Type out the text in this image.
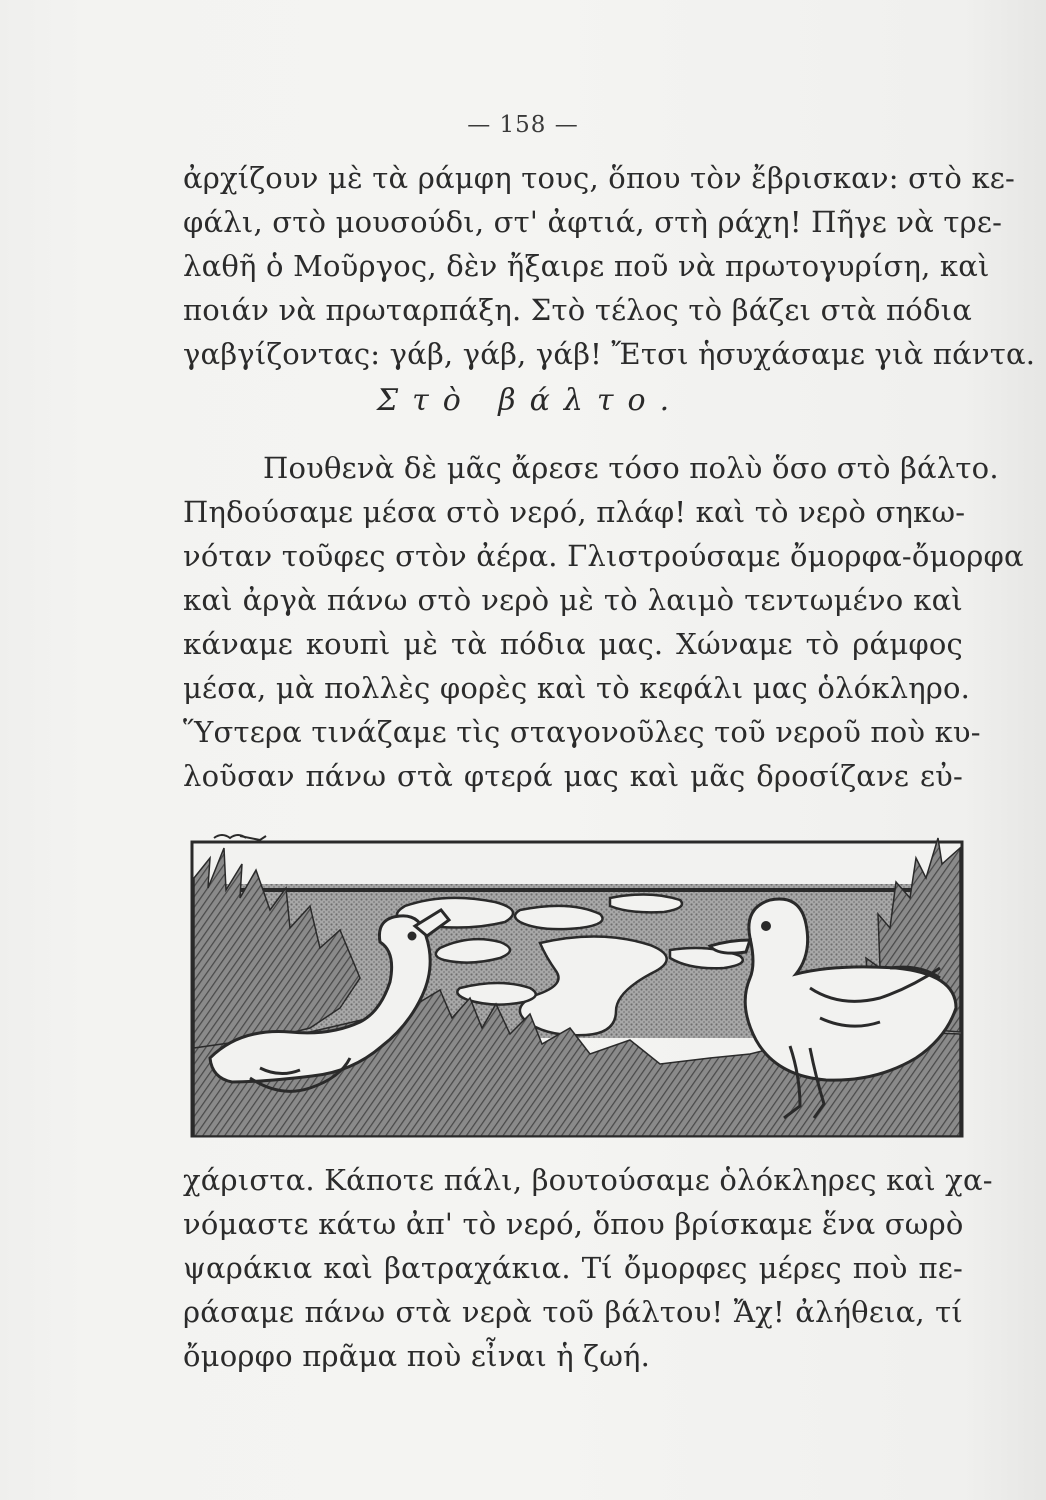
— 158 —
ἀρχίζουν μὲ τὰ ράμφη τους, ὅπου τὸν ἔβρισκαν: στὸ κε-
φάλι, στὸ μουσούδι, στ' ἀφτιά, στὴ ράχη! Πῆγε νὰ τρε-
λαθῆ ὁ Μοῦργος, δὲν ἤξαιρε ποῦ νὰ πρωτογυρίση, καὶ
ποιάν νὰ πρωταρπάξη. Στὸ τέλος τὸ βάζει στὰ πόδια
γαβγίζοντας: γάβ, γάβ, γάβ! Ἔτσι ἡσυχάσαμε γιὰ πάντα.
Στὸ βάλτο.
Πουθενὰ δὲ μᾶς ἄρεσε τόσο πολὺ ὅσο στὸ βάλτο.
Πηδούσαμε μέσα στὸ νερό, πλάφ! καὶ τὸ νερὸ σηκω-
νόταν τοῦφες στὸν ἀέρα. Γλιστρούσαμε ὄμορφα-ὄμορφα
καὶ ἀργὰ πάνω στὸ νερὸ μὲ τὸ λαιμὸ τεντωμένο καὶ
κάναμε κουπὶ μὲ τὰ πόδια μας. Χώναμε τὸ ράμφος
μέσα, μὰ πολλὲς φορὲς καὶ τὸ κεφάλι μας ὁλόκληρο.
Ὕστερα τινάζαμε τὶς σταγονοῦλες τοῦ νεροῦ ποὺ κυ-
λοῦσαν πάνω στὰ φτερά μας καὶ μᾶς δροσίζανε εὐ-
χάριστα. Κάποτε πάλι, βουτούσαμε ὁλόκληρες καὶ χα-
νόμαστε κάτω ἀπ' τὸ νερό, ὅπου βρίσκαμε ἕνα σωρὸ
ψαράκια καὶ βατραχάκια. Τί ὄμορφες μέρες ποὺ πε-
ράσαμε πάνω στὰ νερὰ τοῦ βάλτου! Ἄχ! ἀλήθεια, τί
ὄμορφο πρᾶμα ποὺ εἶναι ἡ ζωή.
